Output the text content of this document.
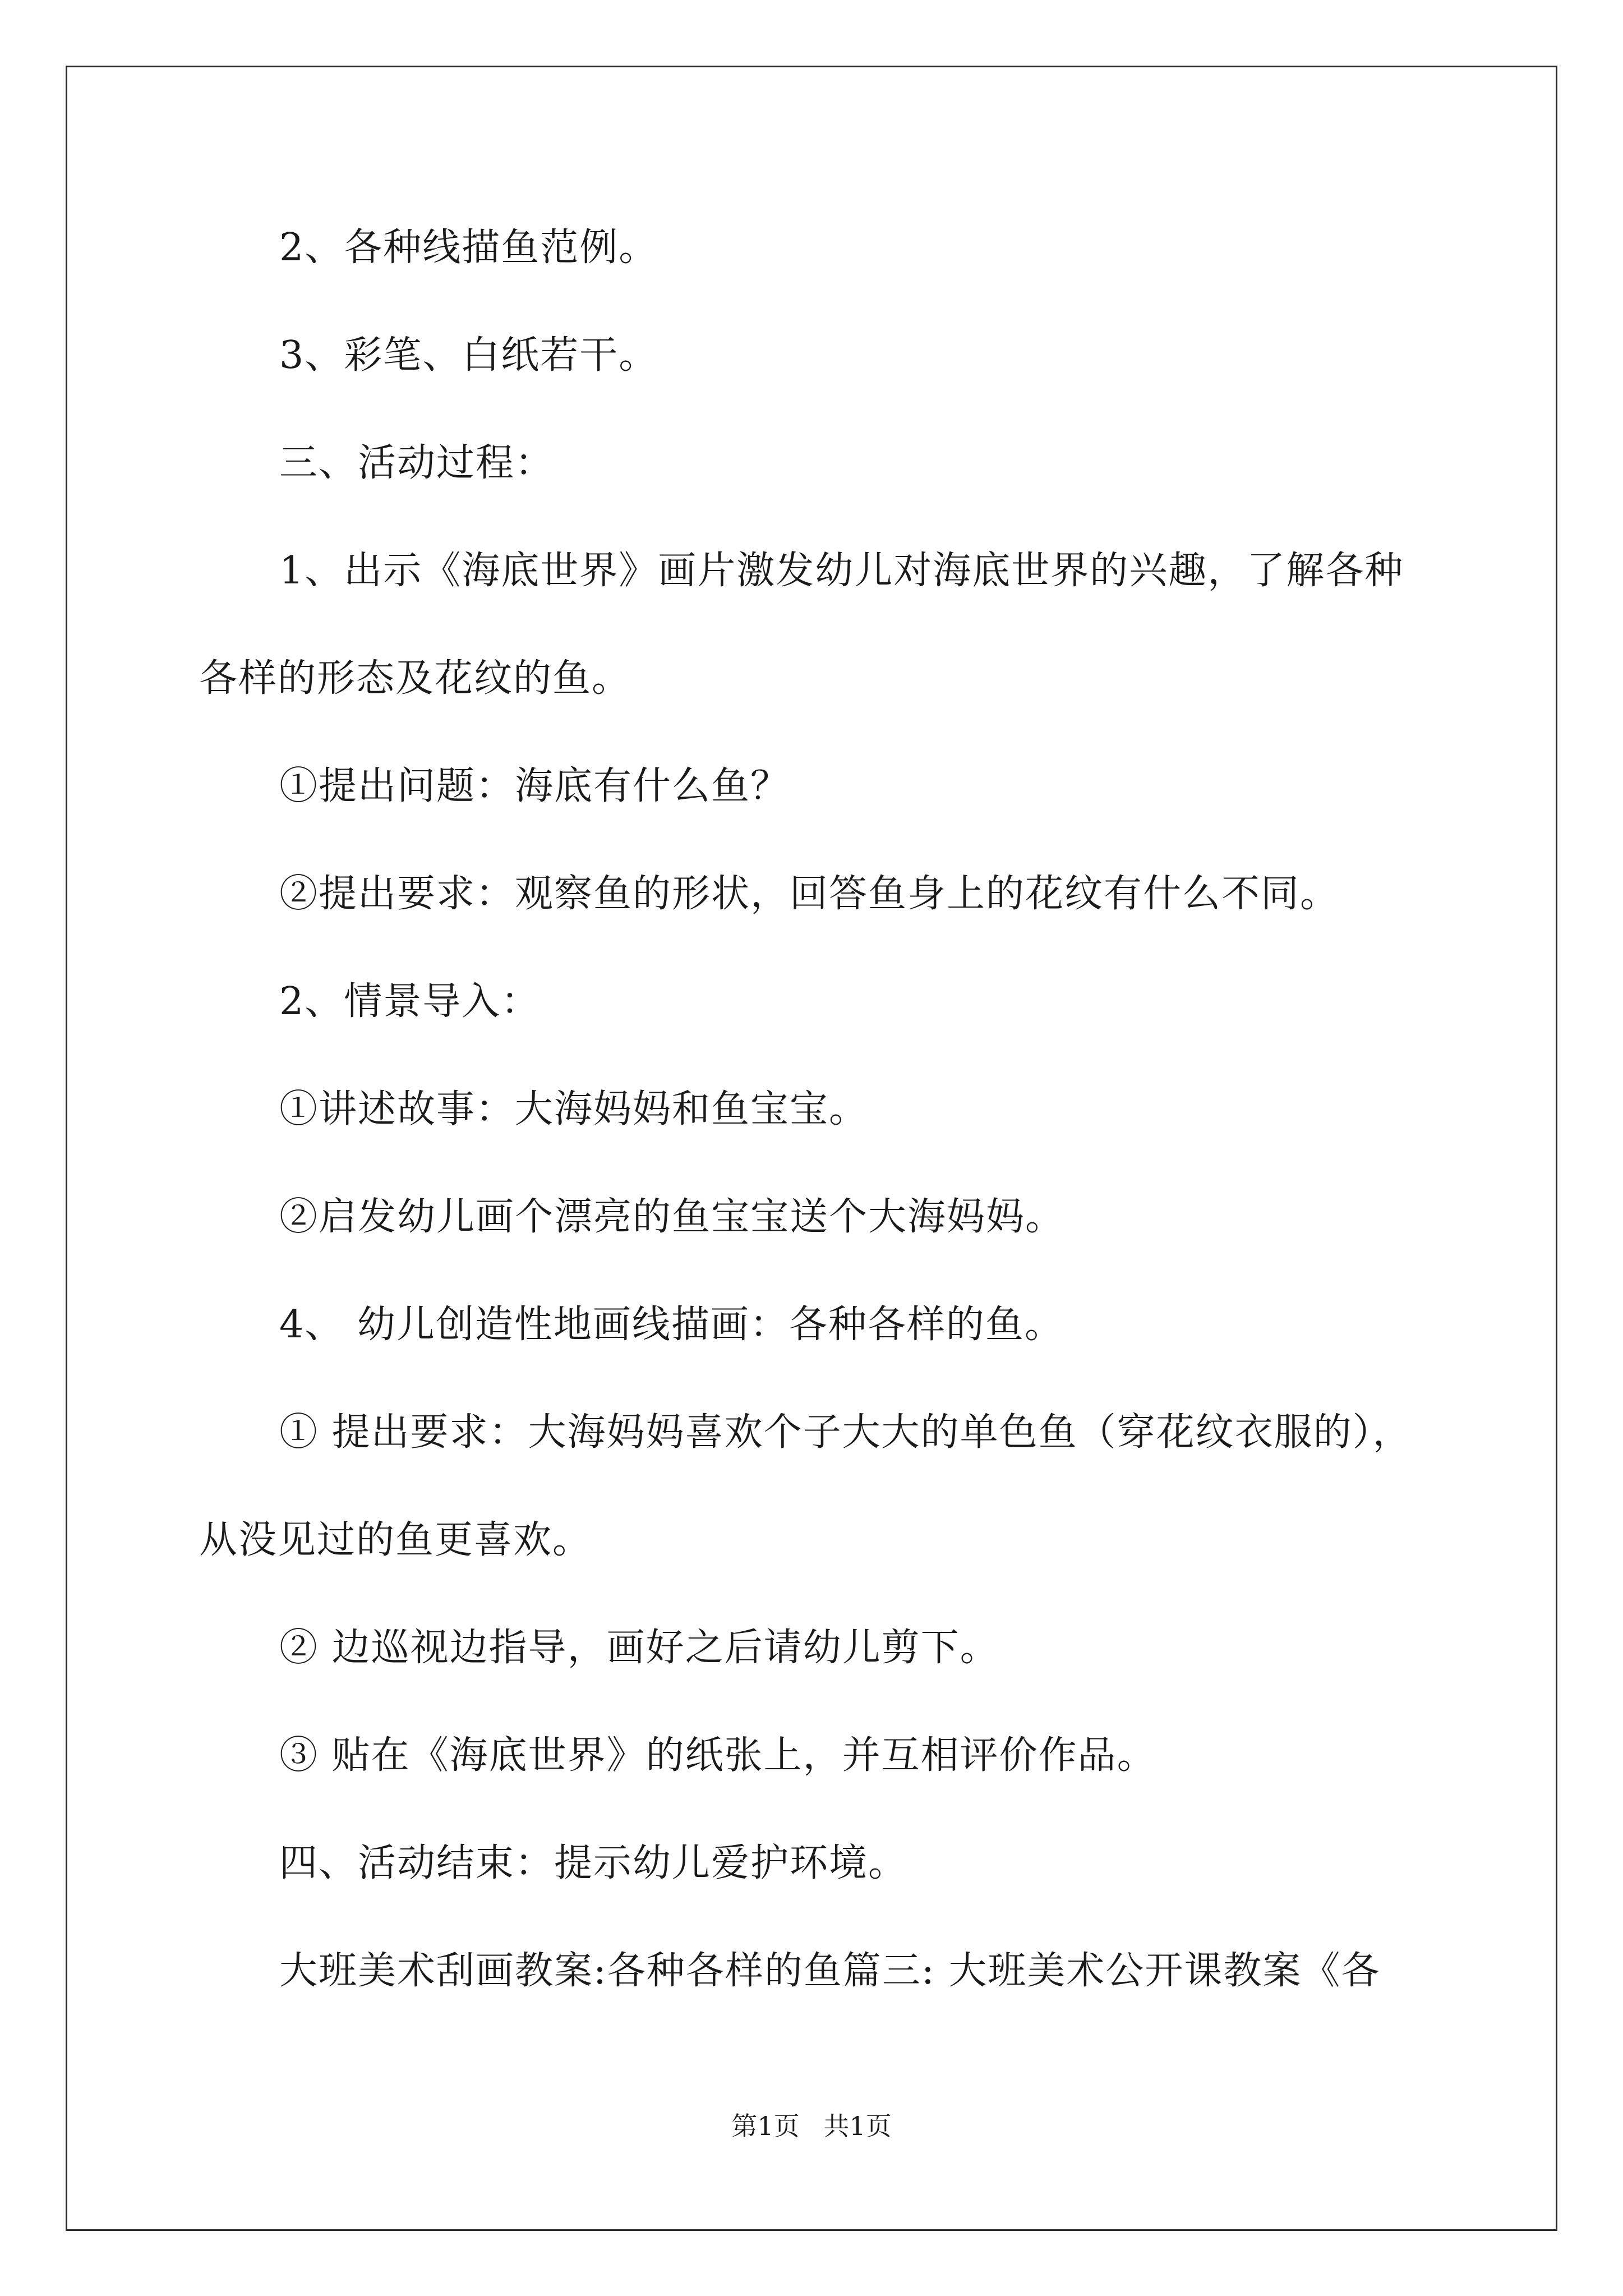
2、各种线描鱼范例。

3、彩笔、白纸若干。

三、活动过程：

1、出示《海底世界》画片激发幼儿对海底世界的兴趣，了解各种

各样的形态及花纹的鱼。

①提出问题：海底有什么鱼？

②提出要求：观察鱼的形状，回答鱼身上的花纹有什么不同。

2、情景导入：

①讲述故事：大海妈妈和鱼宝宝。

②启发幼儿画个漂亮的鱼宝宝送个大海妈妈。

4、 幼儿创造性地画线描画：各种各样的鱼。

① 提出要求：大海妈妈喜欢个子大大的单色鱼（穿花纹衣服的），

从没见过的鱼更喜欢。

② 边巡视边指导，画好之后请幼儿剪下。

③ 贴在《海底世界》的纸张上，并互相评价作品。

四、活动结束：提示幼儿爱护环境。

大班美术刮画教案:各种各样的鱼篇三: 大班美术公开课教案《各

第1页 共1页
